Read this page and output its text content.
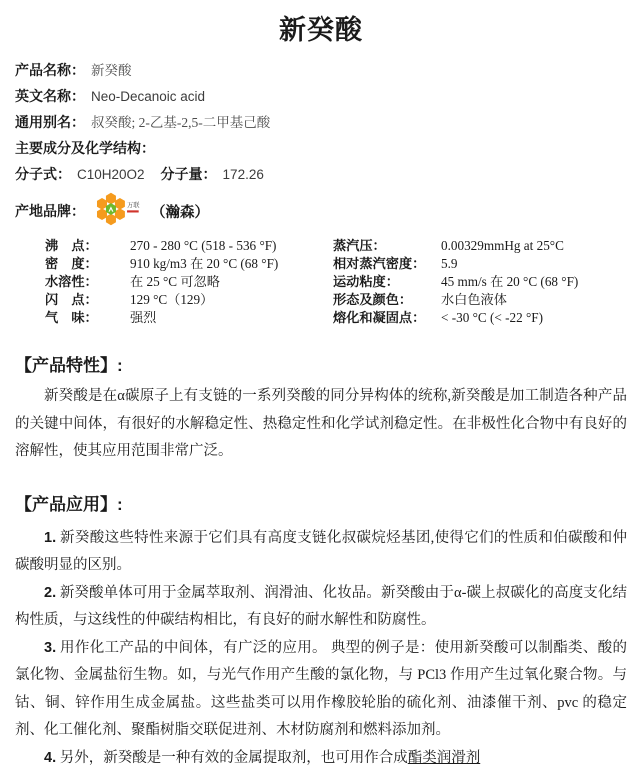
新癸酸
产品名称： 新癸酸
英文名称： Neo-Decanoic acid
通用别名： 叔癸酸; 2-乙基-2,5-二甲基己酸
主要成分及化学结构：
分子式： C10H20O2 分子量： 172.26
产地品牌：	万联 （瀚森）
沸　点：	270 - 280 °C (518 - 536 °F)	蒸汽压：	0.00329mmHg at 25°C
密　度：	910 kg/m3 在 20 °C (68 °F)	相对蒸汽密度：	5.9
水溶性：	在 25 °C 可忽略	运动粘度：	45 mm/s 在 20 °C (68 °F)
闪　点：	129 °C（129）	形态及颜色：	水白色液体
气　味：	强烈	熔化和凝固点：	< -30 °C (< -22 °F)
【产品特性】:

新癸酸是在α碳原子上有支链的一系列癸酸的同分异构体的统称,新癸酸是加工制造各种产品的关键中间体，有很好的水解稳定性、热稳定性和化学试剂稳定性。在非极性化合物中有良好的溶解性，使其应用范围非常广泛。

【产品应用】:

1. 新癸酸这些特性来源于它们具有高度支链化叔碳烷烃基团,使得它们的性质和伯碳酸和仲碳酸明显的区别。

2. 新癸酸单体可用于金属萃取剂、润滑油、化妆品。新癸酸由于α-碳上叔碳化的高度支化结构性质，与这线性的仲碳结构相比，有良好的耐水解性和防腐性。

3. 用作化工产品的中间体，有广泛的应用。 典型的例子是：使用新癸酸可以制酯类、酸的氯化物、金属盐衍生物。如，与光气作用产生酸的氯化物，与 PCl3 作用产生过氧化聚合物。与钴、铜、锌作用生成金属盐。这些盐类可以用作橡胶轮胎的硫化剂、油漆催干剂、pvc 的稳定剂、化工催化剂、聚酯树脂交联促进剂、木材防腐剂和燃料添加剂。

4. 另外，新癸酸是一种有效的金属提取剂，也可用作合成酯类润滑剂
